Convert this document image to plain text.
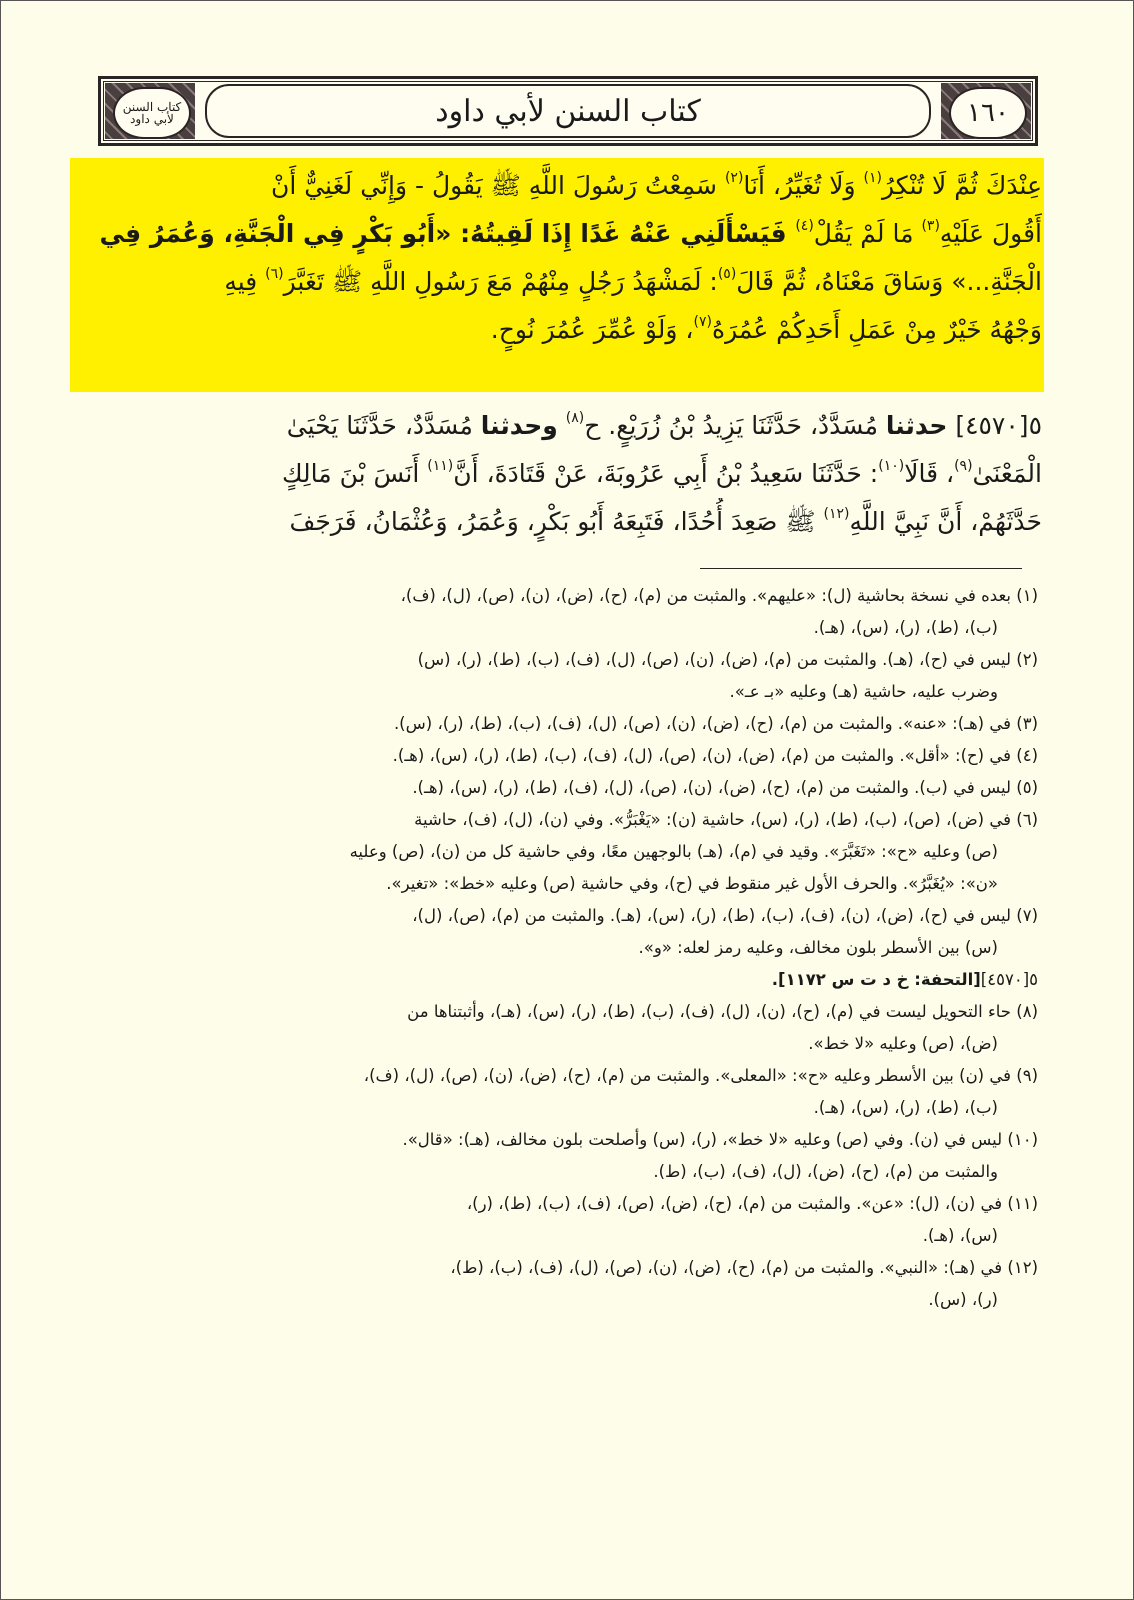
كتاب السنن لأبي داود	كتاب السنن لأبي داود	١٦٠
عِنْدَكَ ثُمَّ لَا تُنْكِرُ$^{(١)}$ وَلَا تُغَيِّرُ، أَنَا$^{(٢)}$ سَمِعْتُ رَسُولَ اللَّهِ ﷺ يَقُولُ - وَإِنِّي لَغَنِيٌّ أَنْ
أَقُولَ عَلَيْهِ$^{(٣)}$ مَا لَمْ يَقُلْ$^{(٤)}$ فَيَسْأَلَنِي عَنْهُ غَدًا إِذَا لَقِيتُهُ: «أَبُو بَكْرٍ فِي الْجَنَّةِ، وَعُمَرُ فِي
الْجَنَّةِ...» وَسَاقَ مَعْنَاهُ، ثُمَّ قَالَ$^{(٥)}$: لَمَشْهَدُ رَجُلٍ مِنْهُمْ مَعَ رَسُولِ اللَّهِ ﷺ تَغَبَّرَ$^{(٦)}$ فِيهِ
وَجْهُهُ خَيْرٌ مِنْ عَمَلِ أَحَدِكُمْ عُمُرَهُ$^{(٧)}$، وَلَوْ عُمِّرَ عُمُرَ نُوحٍ.
٥[٤٥٧٠] حدثنا مُسَدَّدٌ، حَدَّثَنَا يَزِيدُ بْنُ زُرَيْعٍ. ح$^{(٨)}$ وحدثنا مُسَدَّدٌ، حَدَّثَنَا يَحْيَىٰ
الْمَعْنَىٰ$^{(٩)}$، قَالَا$^{(١٠)}$: حَدَّثَنَا سَعِيدُ بْنُ أَبِي عَرُوبَةَ، عَنْ قَتَادَةَ، أَنَّ$^{(١١)}$ أَنَسَ بْنَ مَالِكٍ
حَدَّثَهُمْ، أَنَّ نَبِيَّ اللَّهِ$^{(١٢)}$ ﷺ صَعِدَ أُحُدًا، فَتَبِعَهُ أَبُو بَكْرٍ، وَعُمَرُ، وَعُثْمَانُ، فَرَجَفَ
(١) بعده في نسخة بحاشية (ل): «عليهم». والمثبت من (م)، (ح)، (ض)، (ن)، (ص)، (ل)، (ف)،
(ب)، (ط)، (ر)، (س)، (هـ).
(٢) ليس في (ح)، (هـ). والمثبت من (م)، (ض)، (ن)، (ص)، (ل)، (ف)، (ب)، (ط)، (ر)، (س)
وضرب عليه، حاشية (هـ) وعليه «بـ عـ».
(٣) في (هـ): «عنه». والمثبت من (م)، (ح)، (ض)، (ن)، (ص)، (ل)، (ف)، (ب)، (ط)، (ر)، (س).
(٤) في (ح): «أقل». والمثبت من (م)، (ض)، (ن)، (ص)، (ل)، (ف)، (ب)، (ط)، (ر)، (س)، (هـ).
(٥) ليس في (ب). والمثبت من (م)، (ح)، (ض)، (ن)، (ص)، (ل)، (ف)، (ط)، (ر)، (س)، (هـ).
(٦) في (ض)، (ص)، (ب)، (ط)، (ر)، (س)، حاشية (ن): «يَغْبَرُّ». وفي (ن)، (ل)، (ف)، حاشية
(ص) وعليه «ح»: «تَغَبَّرَ». وقيد في (م)، (هـ) بالوجهين معًا، وفي حاشية كل من (ن)، (ص) وعليه
«ن»: «يُغَبَّرُ». والحرف الأول غير منقوط في (ح)، وفي حاشية (ص) وعليه «خط»: «تغير».
(٧) ليس في (ح)، (ض)، (ن)، (ف)، (ب)، (ط)، (ر)، (س)، (هـ). والمثبت من (م)، (ص)، (ل)،
(س) بين الأسطر بلون مخالف، وعليه رمز لعله: «و».
٥[٤٥٧٠][التحفة: خ د ت س ١١٧٢].
(٨) حاء التحويل ليست في (م)، (ح)، (ن)، (ل)، (ف)، (ب)، (ط)، (ر)، (س)، (هـ)، وأثبتناها من
(ض)، (ص) وعليه «لا خط».
(٩) في (ن) بين الأسطر وعليه «ح»: «المعلى». والمثبت من (م)، (ح)، (ض)، (ن)، (ص)، (ل)، (ف)،
(ب)، (ط)، (ر)، (س)، (هـ).
(١٠) ليس في (ن). وفي (ص) وعليه «لا خط»، (ر)، (س) وأصلحت بلون مخالف، (هـ): «قال».
والمثبت من (م)، (ح)، (ض)، (ل)، (ف)، (ب)، (ط).
(١١) في (ن)، (ل): «عن». والمثبت من (م)، (ح)، (ض)، (ص)، (ف)، (ب)، (ط)، (ر)،
(س)، (هـ).
(١٢) في (هـ): «النبي». والمثبت من (م)، (ح)، (ض)، (ن)، (ص)، (ل)، (ف)، (ب)، (ط)،
(ر)، (س).
